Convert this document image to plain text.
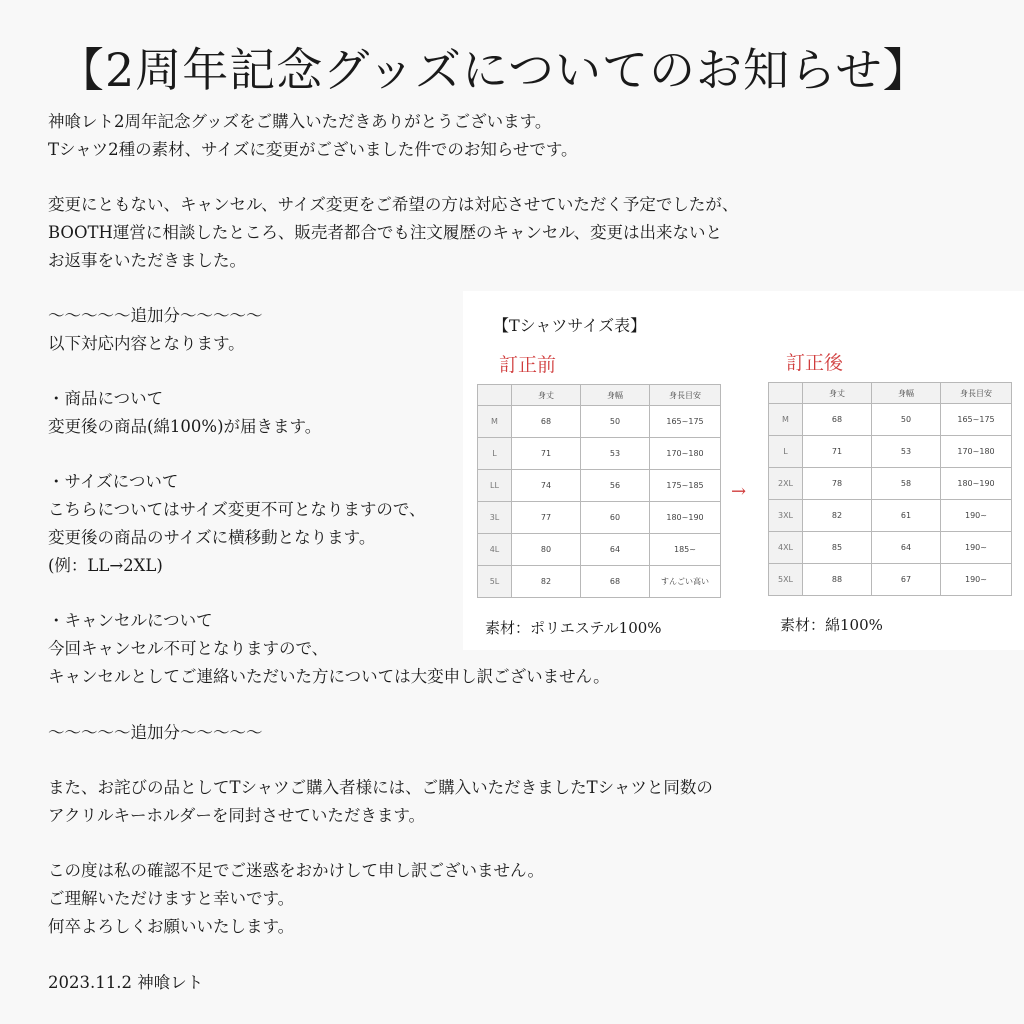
【2周年記念グッズについてのお知らせ】
神喰レト2周年記念グッズをご購入いただきありがとうございます。
Tシャツ2種の素材、サイズに変更がございました件でのお知らせです。
変更にともない、キャンセル、サイズ変更をご希望の方は対応させていただく予定でしたが、
BOOTH運営に相談したところ、販売者都合でも注文履歴のキャンセル、変更は出来ないと
お返事をいただきました。
〜〜〜〜〜追加分〜〜〜〜〜
以下対応内容となります。
・商品について
変更後の商品(綿100%)が届きます。
・サイズについて
こちらについてはサイズ変更不可となりますので、
変更後の商品のサイズに横移動となります。
(例：LL→2XL)
・キャンセルについて
今回キャンセル不可となりますので、
キャンセルとしてご連絡いただいた方については大変申し訳ございません。
〜〜〜〜〜追加分〜〜〜〜〜
また、お詫びの品としてTシャツご購入者様には、ご購入いただきましたTシャツと同数の
アクリルキーホルダーを同封させていただきます。
この度は私の確認不足でご迷惑をおかけして申し訳ございません。
ご理解いただけますと幸いです。
何卒よろしくお願いいたします。
2023.11.2 神喰レト
【Tシャツサイズ表】
訂正前	訂正後
→
	身丈	身幅	身長目安
M	68	50	165~175
L	71	53	170~180
LL	74	56	175~185
3L	77	60	180~190
4L	80	64	185~
5L	82	68	すんごい高い
	身丈	身幅	身長目安
M	68	50	165~175
L	71	53	170~180
2XL	78	58	180~190
3XL	82	61	190~
4XL	85	64	190~
5XL	88	67	190~
素材：ポリエステル100%	素材：綿100%
